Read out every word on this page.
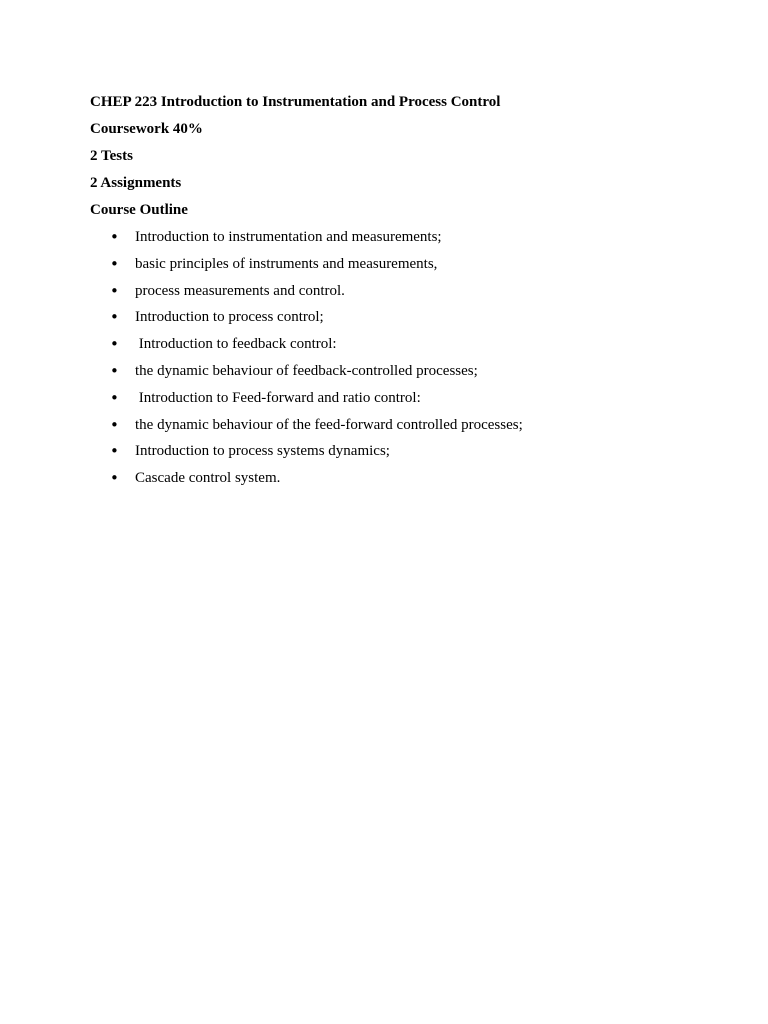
CHEP 223 Introduction to Instrumentation and Process Control
Coursework 40%
2 Tests
2 Assignments
Course Outline
• Introduction to instrumentation and measurements;
• basic principles of instruments and measurements,
• process measurements and control.
• Introduction to process control;
• Introduction to feedback control:
• the dynamic behaviour of feedback-controlled processes;
• Introduction to Feed-forward and ratio control:
• the dynamic behaviour of the feed-forward controlled processes;
• Introduction to process systems dynamics;
• Cascade control system.
